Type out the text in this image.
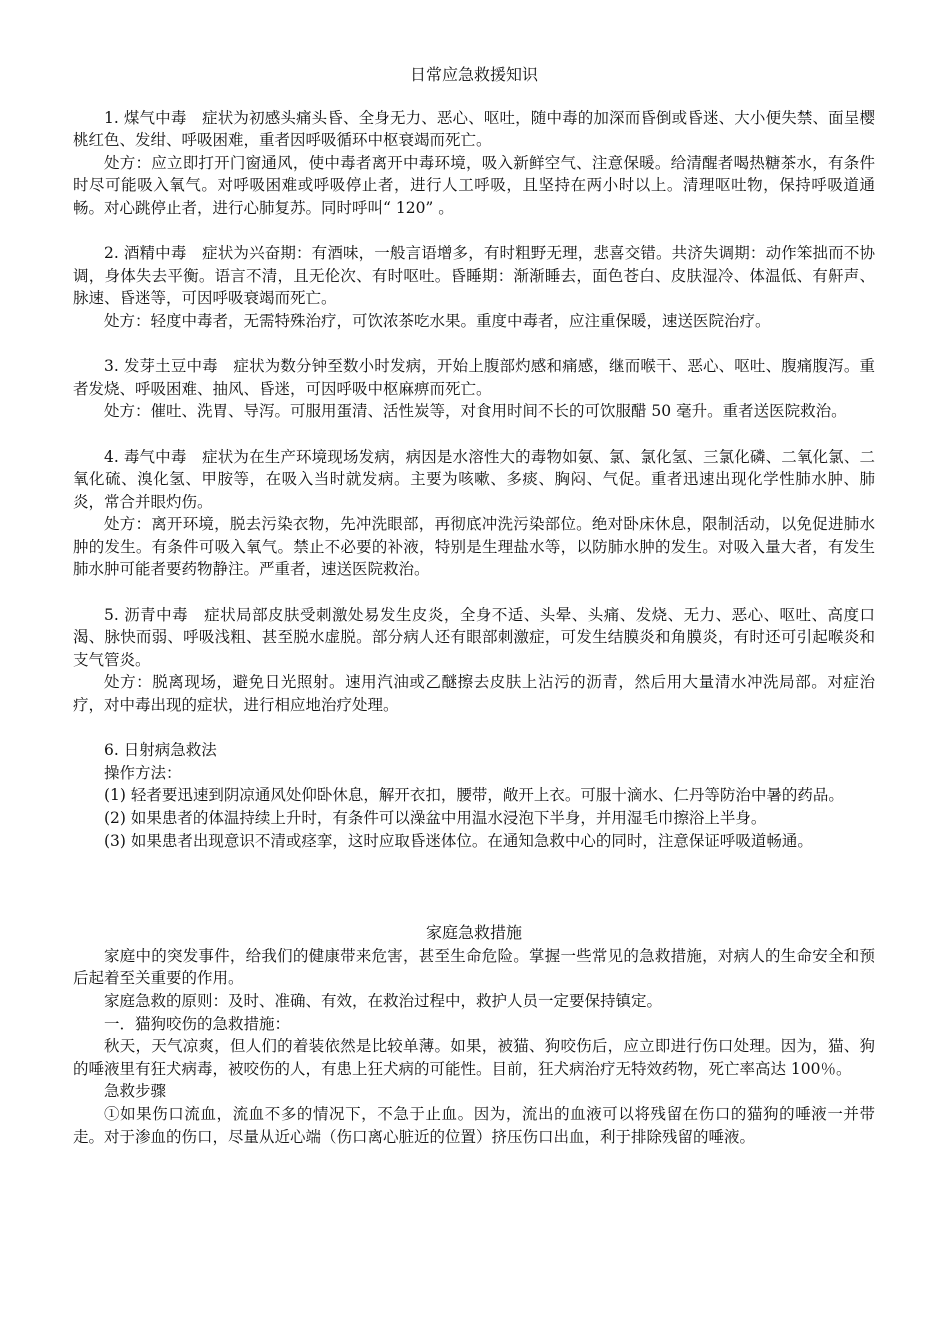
日常应急救援知识

1. 煤气中毒　症状为初感头痛头昏、全身无力、恶心、呕吐，随中毒的加深而昏倒或昏迷、大小便失禁、面呈樱桃红色、发绀、呼吸困难，重者因呼吸循环中枢衰竭而死亡。

处方：应立即打开门窗通风，使中毒者离开中毒环境，吸入新鲜空气、注意保暖。给清醒者喝热糖茶水，有条件时尽可能吸入氧气。对呼吸困难或呼吸停止者，进行人工呼吸，且坚持在两小时以上。清理呕吐物，保持呼吸道通畅。对心跳停止者，进行心肺复苏。同时呼叫“ 120” 。

2. 酒精中毒　症状为兴奋期：有酒味，一般言语增多，有时粗野无理，悲喜交错。共济失调期：动作笨拙而不协调，身体失去平衡。语言不清，且无伦次、有时呕吐。昏睡期：渐渐睡去，面色苍白、皮肤湿冷、体温低、有鼾声、脉速、昏迷等，可因呼吸衰竭而死亡。

处方：轻度中毒者，无需特殊治疗，可饮浓茶吃水果。重度中毒者，应注重保暖，速送医院治疗。

3. 发芽土豆中毒　症状为数分钟至数小时发病，开始上腹部灼感和痛感，继而喉干、恶心、呕吐、腹痛腹泻。重者发烧、呼吸困难、抽风、昏迷，可因呼吸中枢麻痹而死亡。

处方：催吐、洗胃、导泻。可服用蛋清、活性炭等，对食用时间不长的可饮服醋 50 毫升。重者送医院救治。

4. 毒气中毒　症状为在生产环境现场发病，病因是水溶性大的毒物如氨、氯、氯化氢、三氯化磷、二氧化氯、二氧化硫、溴化氢、甲胺等，在吸入当时就发病。主要为咳嗽、多痰、胸闷、气促。重者迅速出现化学性肺水肿、肺炎，常合并眼灼伤。

处方：离开环境，脱去污染衣物，先冲洗眼部，再彻底冲洗污染部位。绝对卧床休息，限制活动，以免促进肺水肿的发生。有条件可吸入氧气。禁止不必要的补液，特别是生理盐水等，以防肺水肿的发生。对吸入量大者，有发生肺水肿可能者要药物静注。严重者，速送医院救治。

5. 沥青中毒　症状局部皮肤受刺激处易发生皮炎，全身不适、头晕、头痛、发烧、无力、恶心、呕吐、高度口渴、脉快而弱、呼吸浅粗、甚至脱水虚脱。部分病人还有眼部刺激症，可发生结膜炎和角膜炎，有时还可引起喉炎和支气管炎。

处方：脱离现场，避免日光照射。速用汽油或乙醚擦去皮肤上沾污的沥青，然后用大量清水冲洗局部。对症治疗，对中毒出现的症状，进行相应地治疗处理。

6. 日射病急救法

操作方法：

(1) 轻者要迅速到阴凉通风处仰卧休息，解开衣扣，腰带，敞开上衣。可服十滴水、仁丹等防治中暑的药品。

(2) 如果患者的体温持续上升时，有条件可以澡盆中用温水浸泡下半身，并用湿毛巾擦浴上半身。

(3) 如果患者出现意识不清或痉挛，这时应取昏迷体位。在通知急救中心的同时，注意保证呼吸道畅通。

家庭急救措施

家庭中的突发事件，给我们的健康带来危害，甚至生命危险。掌握一些常见的急救措施，对病人的生命安全和预后起着至关重要的作用。

家庭急救的原则：及时、准确、有效，在救治过程中，救护人员一定要保持镇定。

一．猫狗咬伤的急救措施：

秋天，天气凉爽，但人们的着装依然是比较单薄。如果，被猫、狗咬伤后，应立即进行伤口处理。因为，猫、狗的唾液里有狂犬病毒，被咬伤的人，有患上狂犬病的可能性。目前，狂犬病治疗无特效药物，死亡率高达 100％。

急救步骤

①如果伤口流血，流血不多的情况下，不急于止血。因为，流出的血液可以将残留在伤口的猫狗的唾液一并带走。对于渗血的伤口，尽量从近心端（伤口离心脏近的位置）挤压伤口出血，利于排除残留的唾液。
